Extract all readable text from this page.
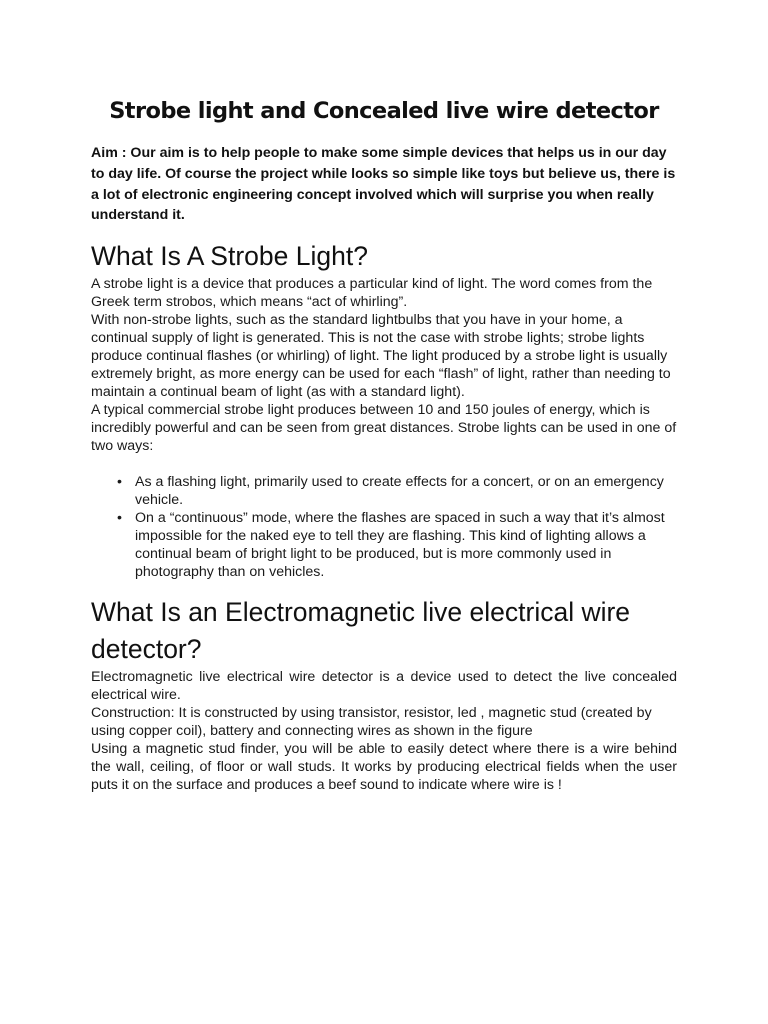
Strobe light and Concealed live wire detector

Aim : Our aim is to help people to make some simple devices that helps us in our day to day life. Of course the project while looks so simple like toys but believe us, there is a lot of electronic engineering concept involved which will surprise you when really understand it.

What Is A Strobe Light?

A strobe light is a device that produces a particular kind of light. The word comes from the Greek term strobos, which means “act of whirling”.

With non-strobe lights, such as the standard lightbulbs that you have in your home, a continual supply of light is generated. This is not the case with strobe lights; strobe lights produce continual flashes (or whirling) of light. The light produced by a strobe light is usually extremely bright, as more energy can be used for each “flash” of light, rather than needing to maintain a continual beam of light (as with a standard light).

A typical commercial strobe light produces between 10 and 150 joules of energy, which is incredibly powerful and can be seen from great distances. Strobe lights can be used in one of two ways:

• As a flashing light, primarily used to create effects for a concert, or on an emergency vehicle.
• On a “continuous” mode, where the flashes are spaced in such a way that it’s almost impossible for the naked eye to tell they are flashing. This kind of lighting allows a continual beam of bright light to be produced, but is more commonly used in photography than on vehicles.
What Is an Electromagnetic live electrical wire detector?

Electromagnetic live electrical wire detector is a device used to detect the live concealed electrical wire.

Construction: It is constructed by using transistor, resistor, led , magnetic stud (created by using copper coil), battery and connecting wires as shown in the figure

Using a magnetic stud finder, you will be able to easily detect where there is a wire behind the wall, ceiling, of floor or wall studs. It works by producing electrical fields when the user puts it on the surface and produces a beef sound to indicate where wire is !
